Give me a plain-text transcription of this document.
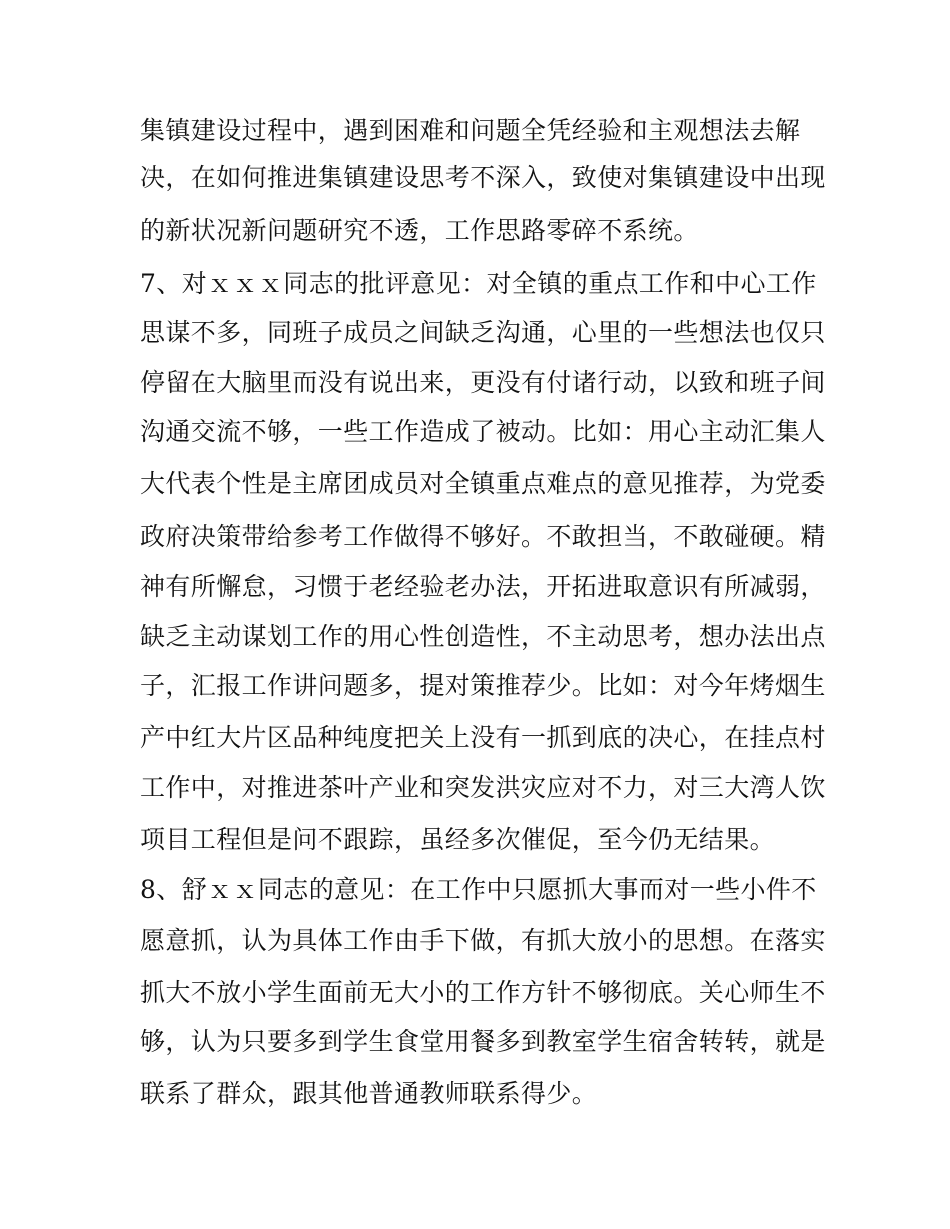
集镇建设过程中，遇到困难和问题全凭经验和主观想法去解
决，在如何推进集镇建设思考不深入，致使对集镇建设中出现
的新状况新问题研究不透，工作思路零碎不系统。
7、对ｘｘｘ同志的批评意见：对全镇的重点工作和中心工作
思谋不多，同班子成员之间缺乏沟通，心里的一些想法也仅只
停留在大脑里而没有说出来，更没有付诸行动，以致和班子间
沟通交流不够，一些工作造成了被动。比如：用心主动汇集人
大代表个性是主席团成员对全镇重点难点的意见推荐，为党委
政府决策带给参考工作做得不够好。不敢担当，不敢碰硬。精
神有所懈怠，习惯于老经验老办法，开拓进取意识有所减弱，
缺乏主动谋划工作的用心性创造性，不主动思考，想办法出点
子，汇报工作讲问题多，提对策推荐少。比如：对今年烤烟生
产中红大片区品种纯度把关上没有一抓到底的决心，在挂点村
工作中，对推进茶叶产业和突发洪灾应对不力，对三大湾人饮
项目工程但是问不跟踪，虽经多次催促，至今仍无结果。
8、舒ｘｘ同志的意见：在工作中只愿抓大事而对一些小件不
愿意抓，认为具体工作由手下做，有抓大放小的思想。在落实
抓大不放小学生面前无大小的工作方针不够彻底。关心师生不
够，认为只要多到学生食堂用餐多到教室学生宿舍转转，就是
联系了群众，跟其他普通教师联系得少。
